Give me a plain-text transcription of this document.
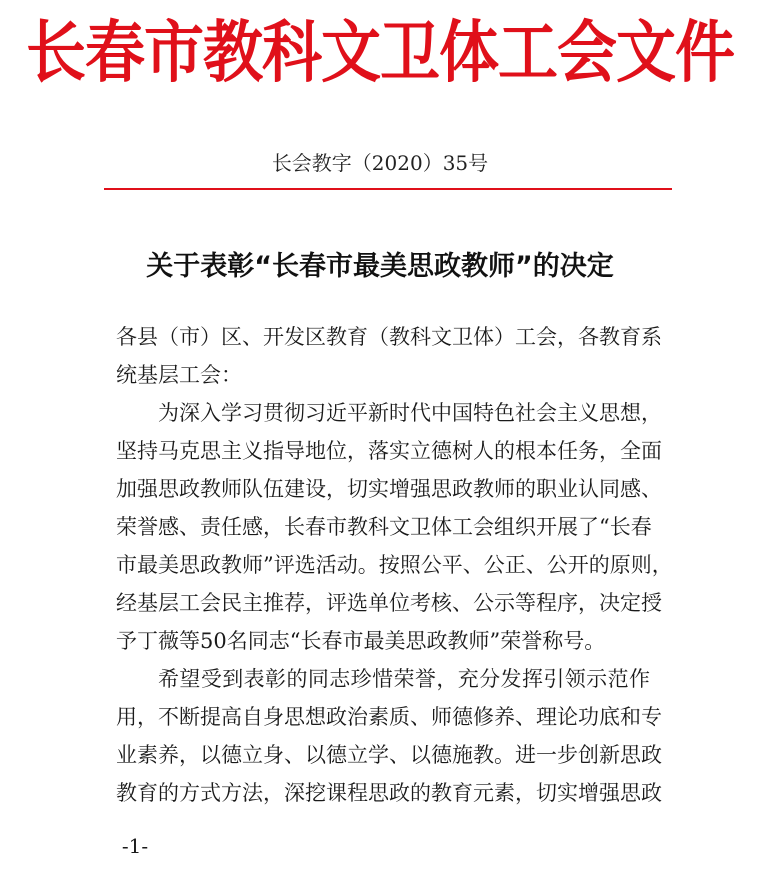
长春市教科文卫体工会文件
长会教字（2020）35号
关于表彰“长春市最美思政教师”的决定
各县（市）区、开发区教育（教科文卫体）工会，各教育系
统基层工会：
为深入学习贯彻习近平新时代中国特色社会主义思想，
坚持马克思主义指导地位，落实立德树人的根本任务，全面
加强思政教师队伍建设，切实增强思政教师的职业认同感、
荣誉感、责任感，长春市教科文卫体工会组织开展了“长春
市最美思政教师”评选活动。按照公平、公正、公开的原则，
经基层工会民主推荐，评选单位考核、公示等程序，决定授
予丁薇等50名同志“长春市最美思政教师”荣誉称号。
希望受到表彰的同志珍惜荣誉，充分发挥引领示范作
用，不断提高自身思想政治素质、师德修养、理论功底和专
业素养，以德立身、以德立学、以德施教。进一步创新思政
教育的方式方法，深挖课程思政的教育元素，切实增强思政
-1-
